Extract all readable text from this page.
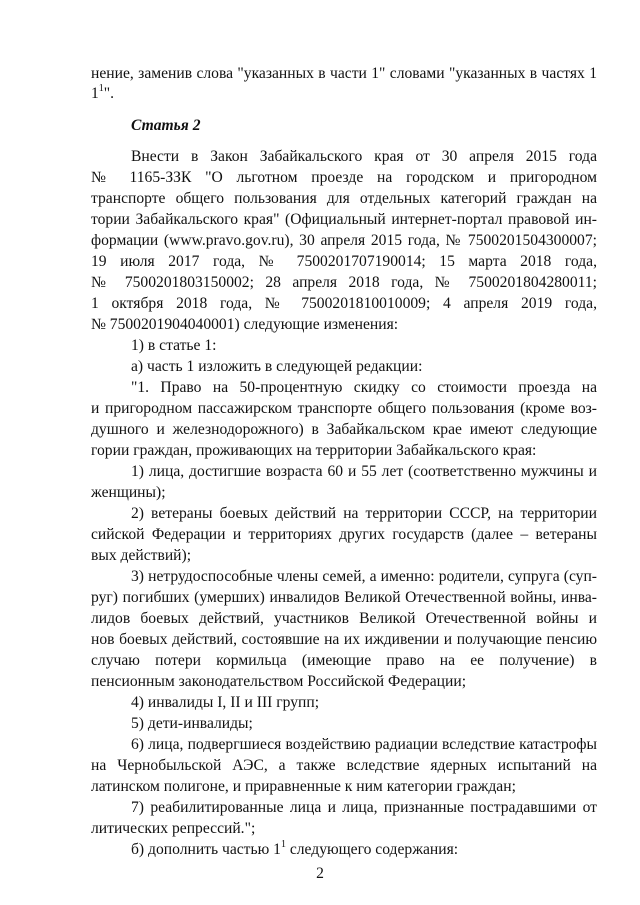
нение, заменив слова "указанных в части 1" словами "указанных в частях 1
$1^1$".
Статья 2
Внести в Закон Забайкальского края от 30 апреля 2015 года
№ 1165-ЗЗК "О льготном проезде на городском и пригородном
транспорте общего пользования для отдельных категорий граждан на
тории Забайкальского края" (Официальный интернет-портал правовой ин-
формации (www.pravo.gov.ru), 30 апреля 2015 года, № 7500201504300007;
19 июля 2017 года, № 7500201707190014; 15 марта 2018 года,
№ 7500201803150002; 28 апреля 2018 года, № 7500201804280011;
1 октября 2018 года, № 7500201810010009; 4 апреля 2019 года,
№ 7500201904040001) следующие изменения:
1) в статье 1:
а) часть 1 изложить в следующей редакции:
"1. Право на 50-процентную скидку со стоимости проезда на
и пригородном пассажирском транспорте общего пользования (кроме воз-
душного и железнодорожного) в Забайкальском крае имеют следующие
гории граждан, проживающих на территории Забайкальского края:
1) лица, достигшие возраста 60 и 55 лет (соответственно мужчины и
женщины);
2) ветераны боевых действий на территории СССР, на территории
сийской Федерации и территориях других государств (далее – ветераны
вых действий);
3) нетрудоспособные члены семей, а именно: родители, супруга (суп-
руг) погибших (умерших) инвалидов Великой Отечественной войны, инва-
лидов боевых действий, участников Великой Отечественной войны и
нов боевых действий, состоявшие на их иждивении и получающие пенсию
случаю потери кормильца (имеющие право на ее получение) в
пенсионным законодательством Российской Федерации;
4) инвалиды I, II и III групп;
5) дети-инвалиды;
6) лица, подвергшиеся воздействию радиации вследствие катастрофы
на Чернобыльской АЭС, а также вследствие ядерных испытаний на
латинском полигоне, и приравненные к ним категории граждан;
7) реабилитированные лица и лица, признанные пострадавшими от
литических репрессий.";
б) дополнить частью $1^1$ следующего содержания:
2
